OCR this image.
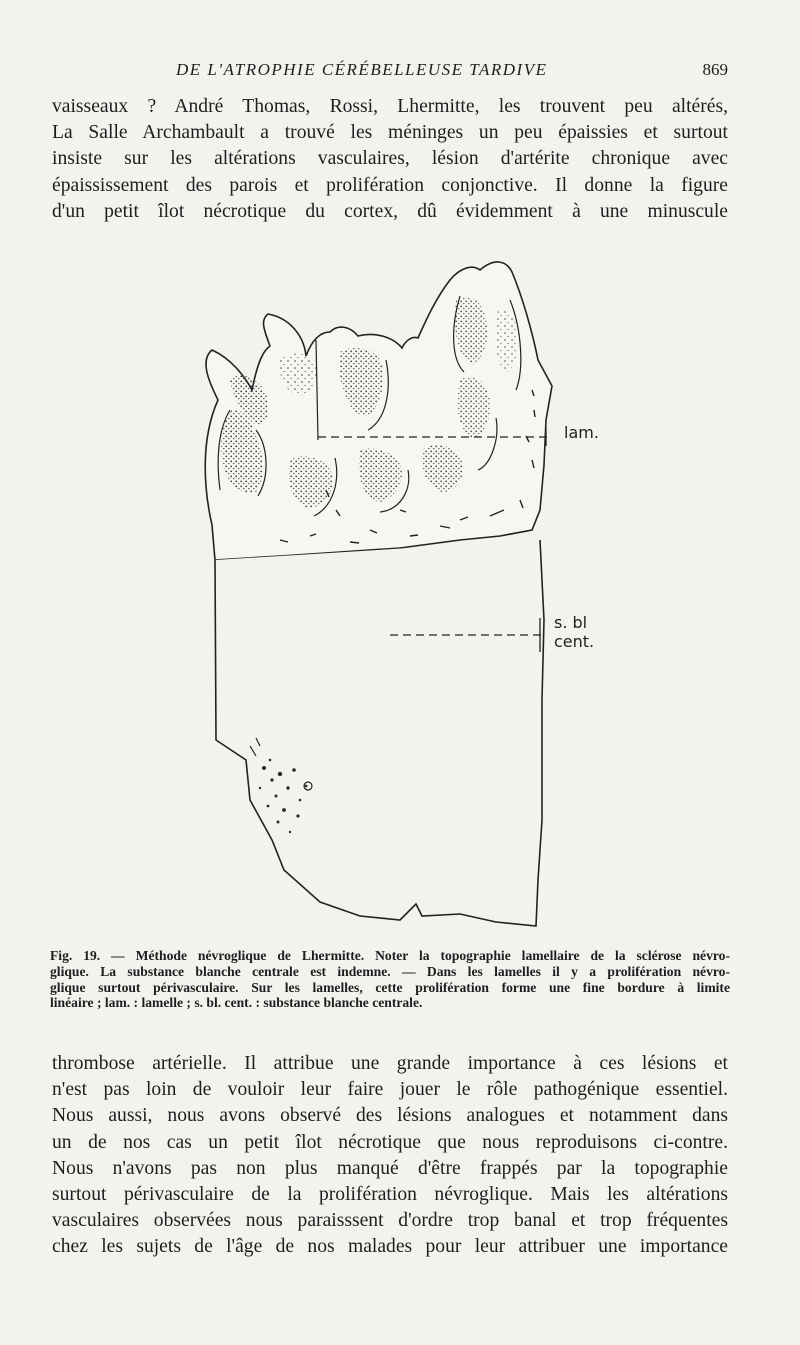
DE L'ATROPHIE CÉRÉBELLEUSE TARDIVE	869

vaisseaux ? André Thomas, Rossi, Lhermitte, les trouvent peu altérés,
La Salle Archambault a trouvé les méninges un peu épaissies et surtout
insiste sur les altérations vasculaires, lésion d'artérite chronique avec
épaississement des parois et prolifération conjonctive. Il donne la figure
d'un petit îlot nécrotique du cortex, dû évidemment à une minuscule

lam.
s. bl
cent.
Fig. 19. — Méthode névroglique de Lhermitte. Noter la topographie lamellaire de la sclérose névro-
glique. La substance blanche centrale est indemne. — Dans les lamelles il y a prolifération névro-
glique surtout périvasculaire. Sur les lamelles, cette prolifération forme une fine bordure à limite
linéaire ; lam. : lamelle ; s. bl. cent. : substance blanche centrale.

thrombose artérielle. Il attribue une grande importance à ces lésions et
n'est pas loin de vouloir leur faire jouer le rôle pathogénique essentiel.
Nous aussi, nous avons observé des lésions analogues et notamment dans
un de nos cas un petit îlot nécrotique que nous reproduisons ci-contre.
Nous n'avons pas non plus manqué d'être frappés par la topographie
surtout périvasculaire de la prolifération névroglique. Mais les altérations
vasculaires observées nous paraisssent d'ordre trop banal et trop fréquentes
chez les sujets de l'âge de nos malades pour leur attribuer une importance
